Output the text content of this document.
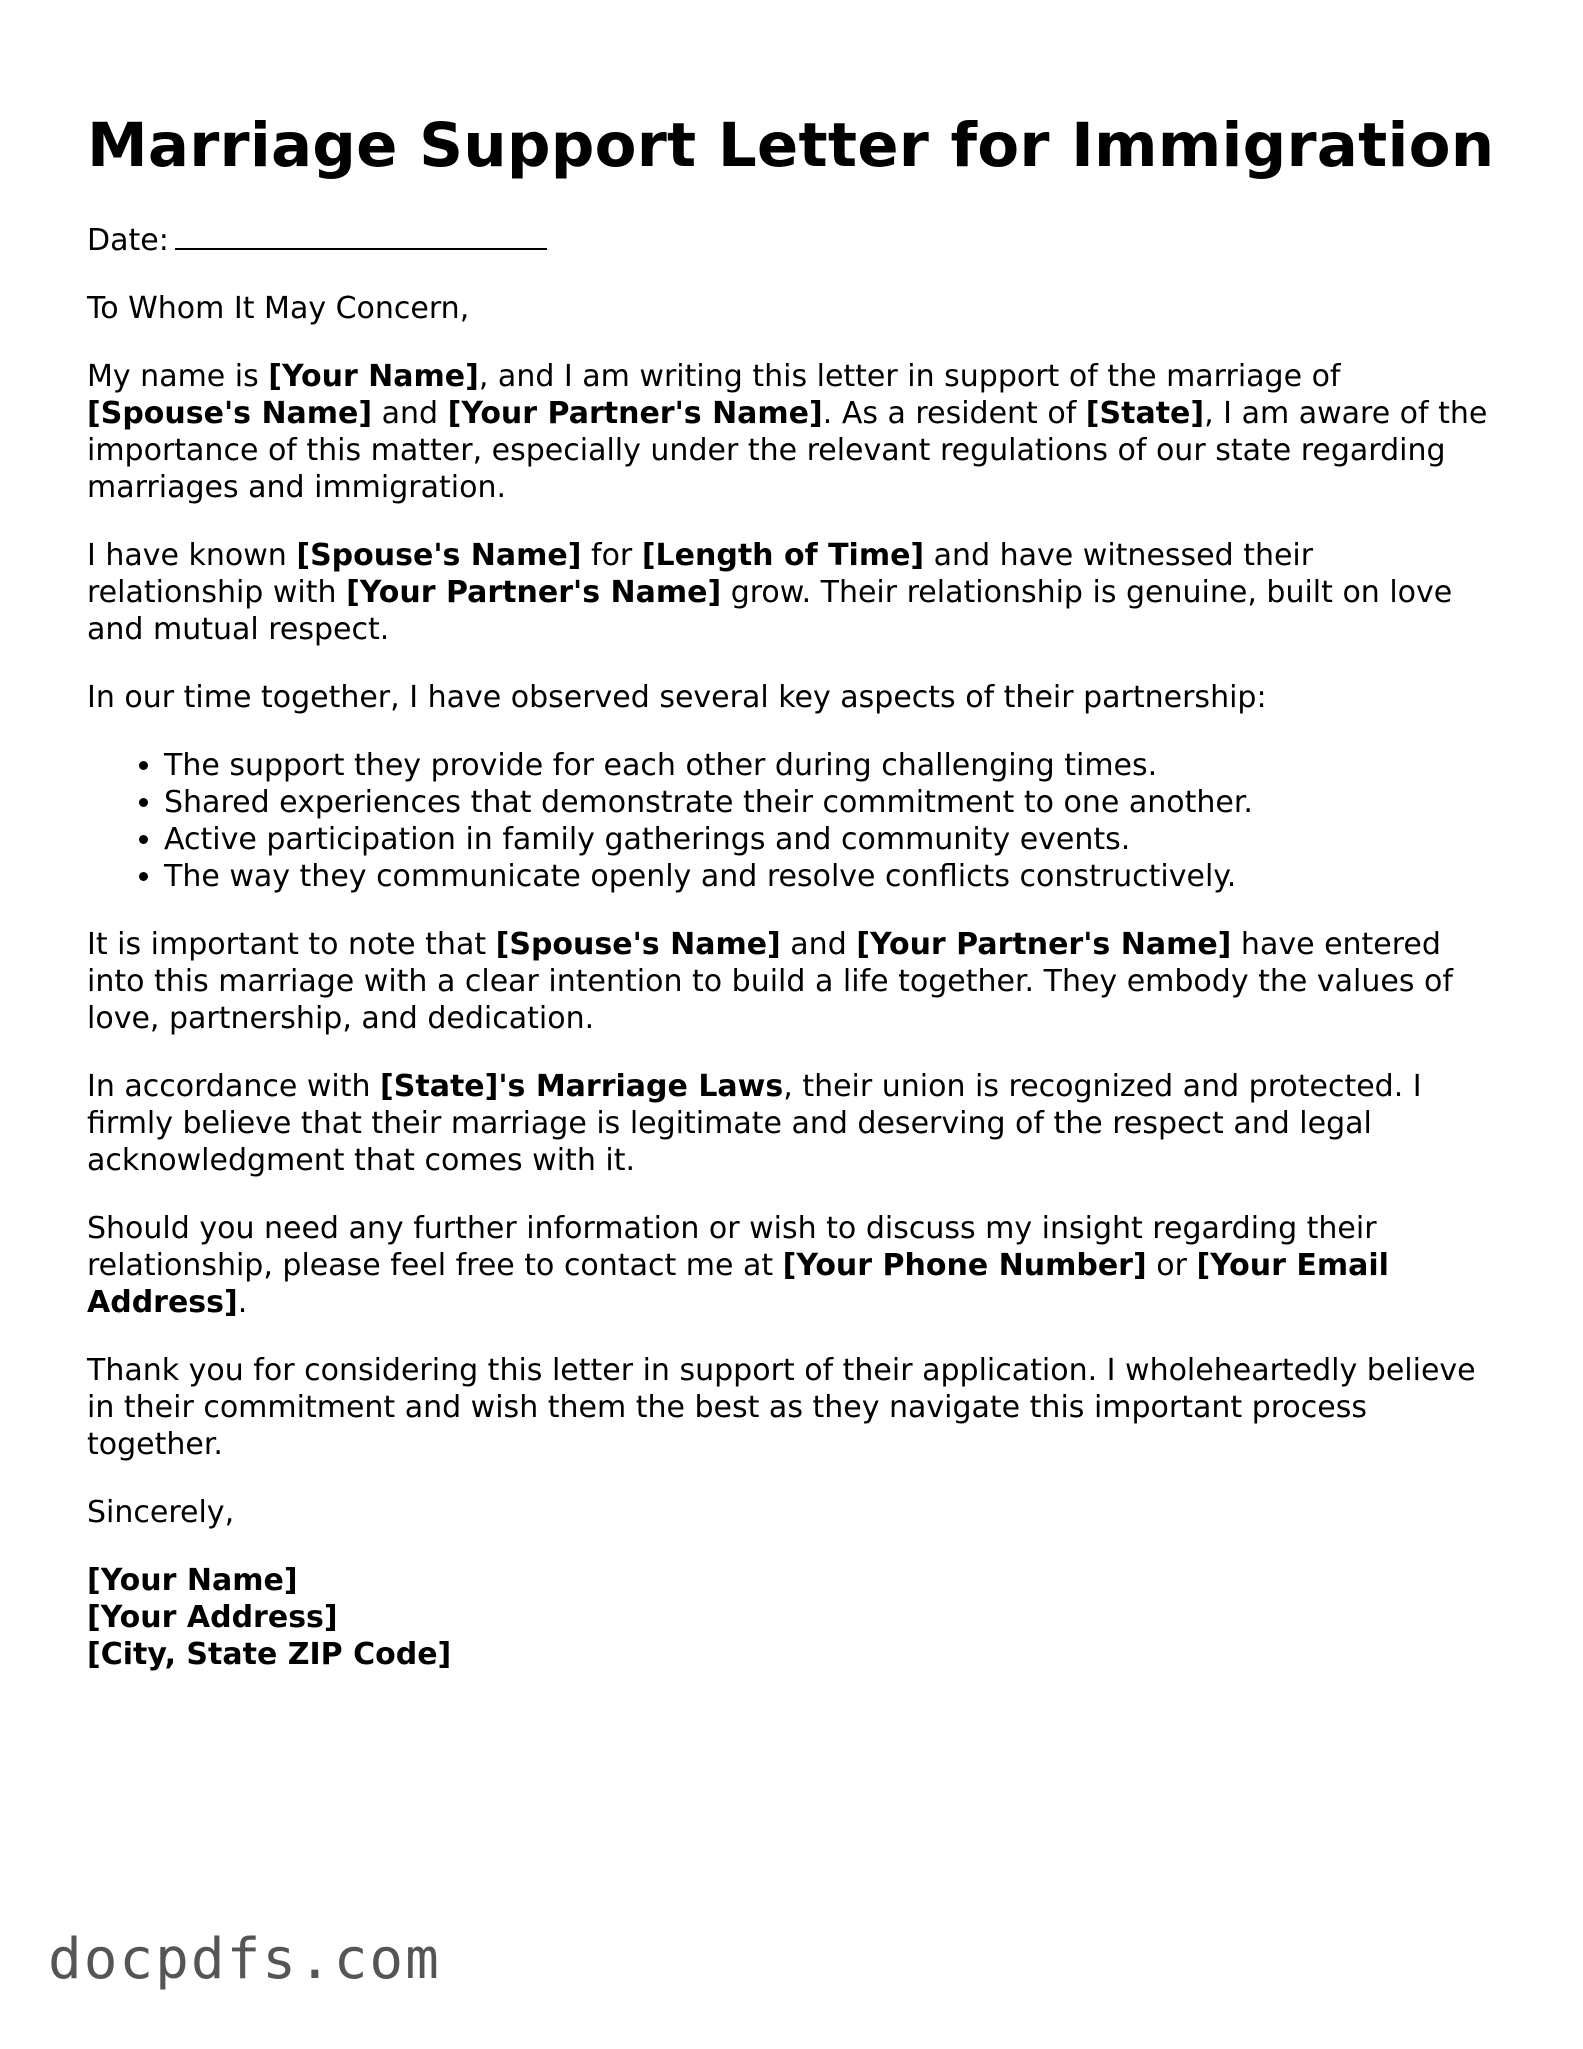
Marriage Support Letter for Immigration

Date:

To Whom It May Concern,

My name is [Your Name], and I am writing this letter in support of the marriage of [Spouse's Name] and [Your Partner's Name]. As a resident of [State], I am aware of the importance of this matter, especially under the relevant regulations of our state regarding marriages and immigration.

I have known [Spouse's Name] for [Length of Time] and have witnessed their relationship with [Your Partner's Name] grow. Their relationship is genuine, built on love and mutual respect.

In our time together, I have observed several key aspects of their partnership:

• The support they provide for each other during challenging times.
• Shared experiences that demonstrate their commitment to one another.
• Active participation in family gatherings and community events.
• The way they communicate openly and resolve conflicts constructively.

It is important to note that [Spouse's Name] and [Your Partner's Name] have entered into this marriage with a clear intention to build a life together. They embody the values of love, partnership, and dedication.

In accordance with [State]'s Marriage Laws, their union is recognized and protected. I firmly believe that their marriage is legitimate and deserving of the respect and legal acknowledgment that comes with it.

Should you need any further information or wish to discuss my insight regarding their relationship, please feel free to contact me at [Your Phone Number] or [Your Email Address].

Thank you for considering this letter in support of their application. I wholeheartedly believe in their commitment and wish them the best as they navigate this important process together.

Sincerely,

[Your Name]

[Your Address]

[City, State ZIP Code]

docpdfs.com
